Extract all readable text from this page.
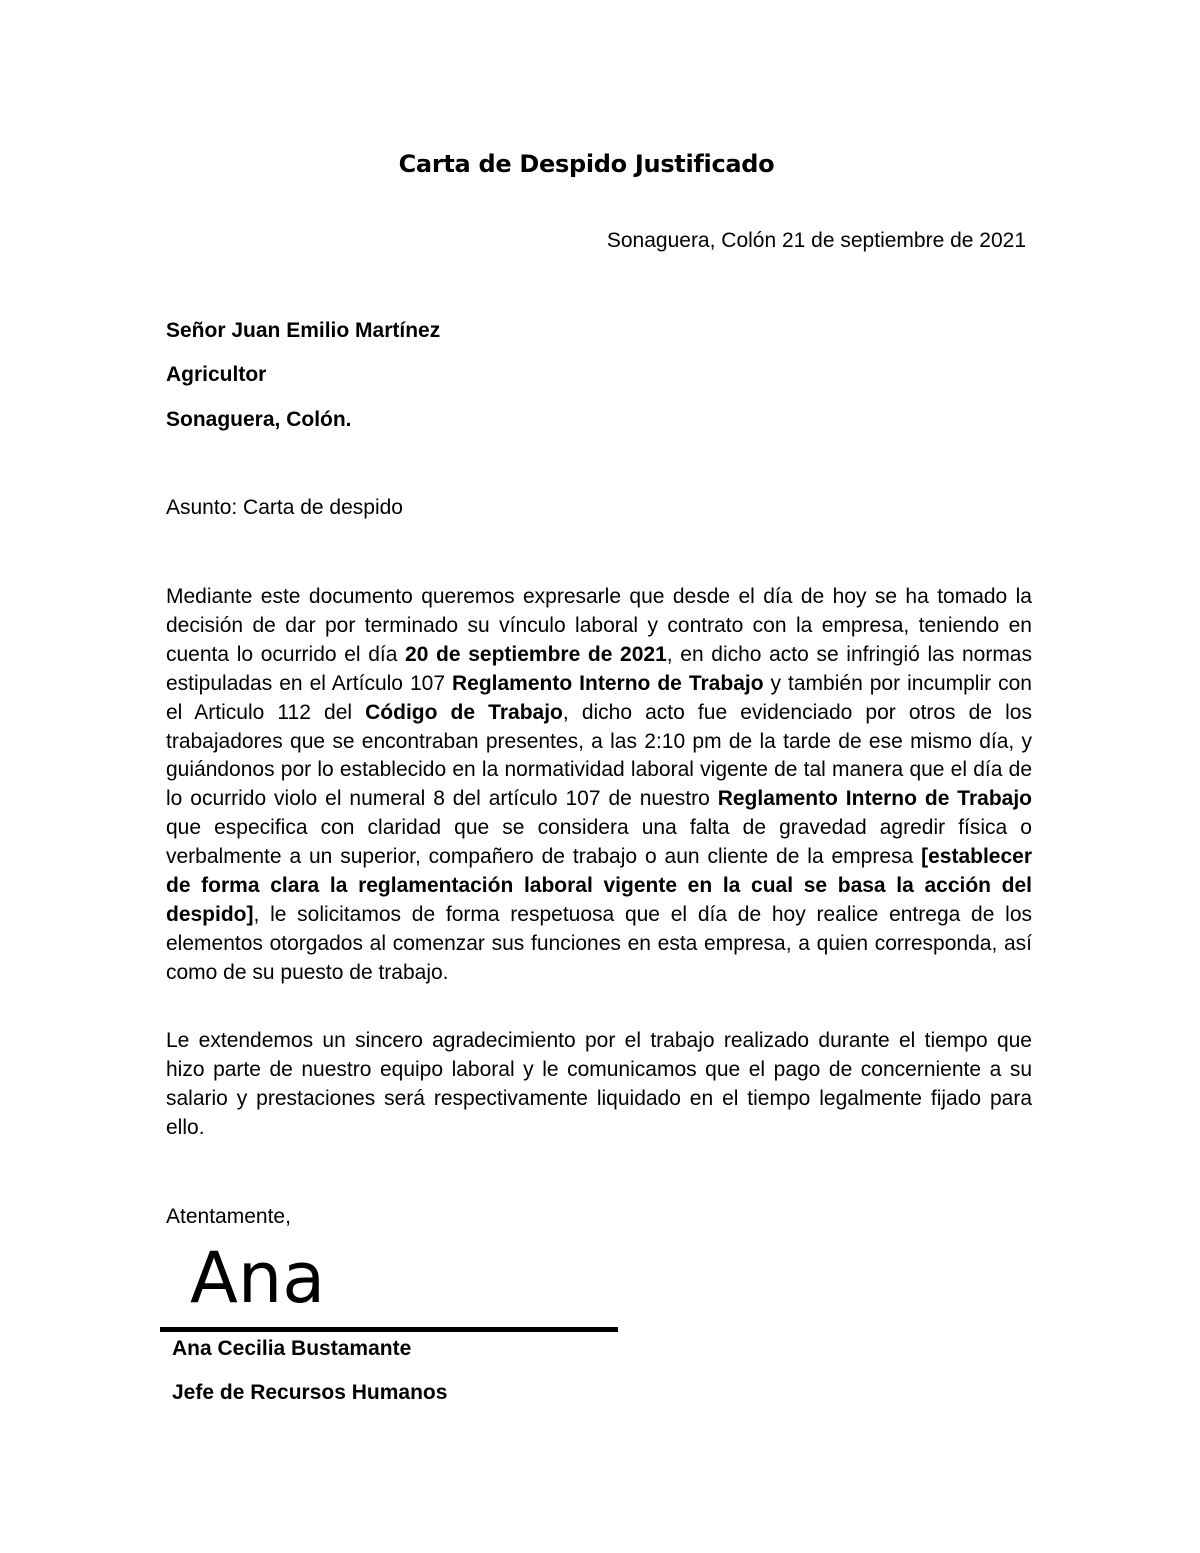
Carta de Despido Justificado

Sonaguera, Colón 21 de septiembre de 2021

Señor Juan Emilio Martínez

Agricultor

Sonaguera, Colón.

Asunto: Carta de despido

Mediante este documento queremos expresarle que desde el día de hoy se ha tomado la decisión de dar por terminado su vínculo laboral y contrato con la empresa, teniendo en cuenta lo ocurrido el día 20 de septiembre de 2021, en dicho acto se infringió las normas estipuladas en el Artículo 107 Reglamento Interno de Trabajo y también por incumplir con el Articulo 112 del Código de Trabajo, dicho acto fue evidenciado por otros de los trabajadores que se encontraban presentes, a las 2:10 pm de la tarde de ese mismo día, y guiándonos por lo establecido en la normatividad laboral vigente de tal manera que el día de lo ocurrido violo el numeral 8 del artículo 107 de nuestro Reglamento Interno de Trabajo que especifica con claridad que se considera una falta de gravedad agredir física o verbalmente a un superior, compañero de trabajo o aun cliente de la empresa [establecer de forma clara la reglamentación laboral vigente en la cual se basa la acción del despido], le solicitamos de forma respetuosa que el día de hoy realice entrega de los elementos otorgados al comenzar sus funciones en esta empresa, a quien corresponda, así como de su puesto de trabajo.

Le extendemos un sincero agradecimiento por el trabajo realizado durante el tiempo que hizo parte de nuestro equipo laboral y le comunicamos que el pago de concerniente a su salario y prestaciones será respectivamente liquidado en el tiempo legalmente fijado para ello.

Atentamente,

Ana

Ana Cecilia Bustamante

Jefe de Recursos Humanos
